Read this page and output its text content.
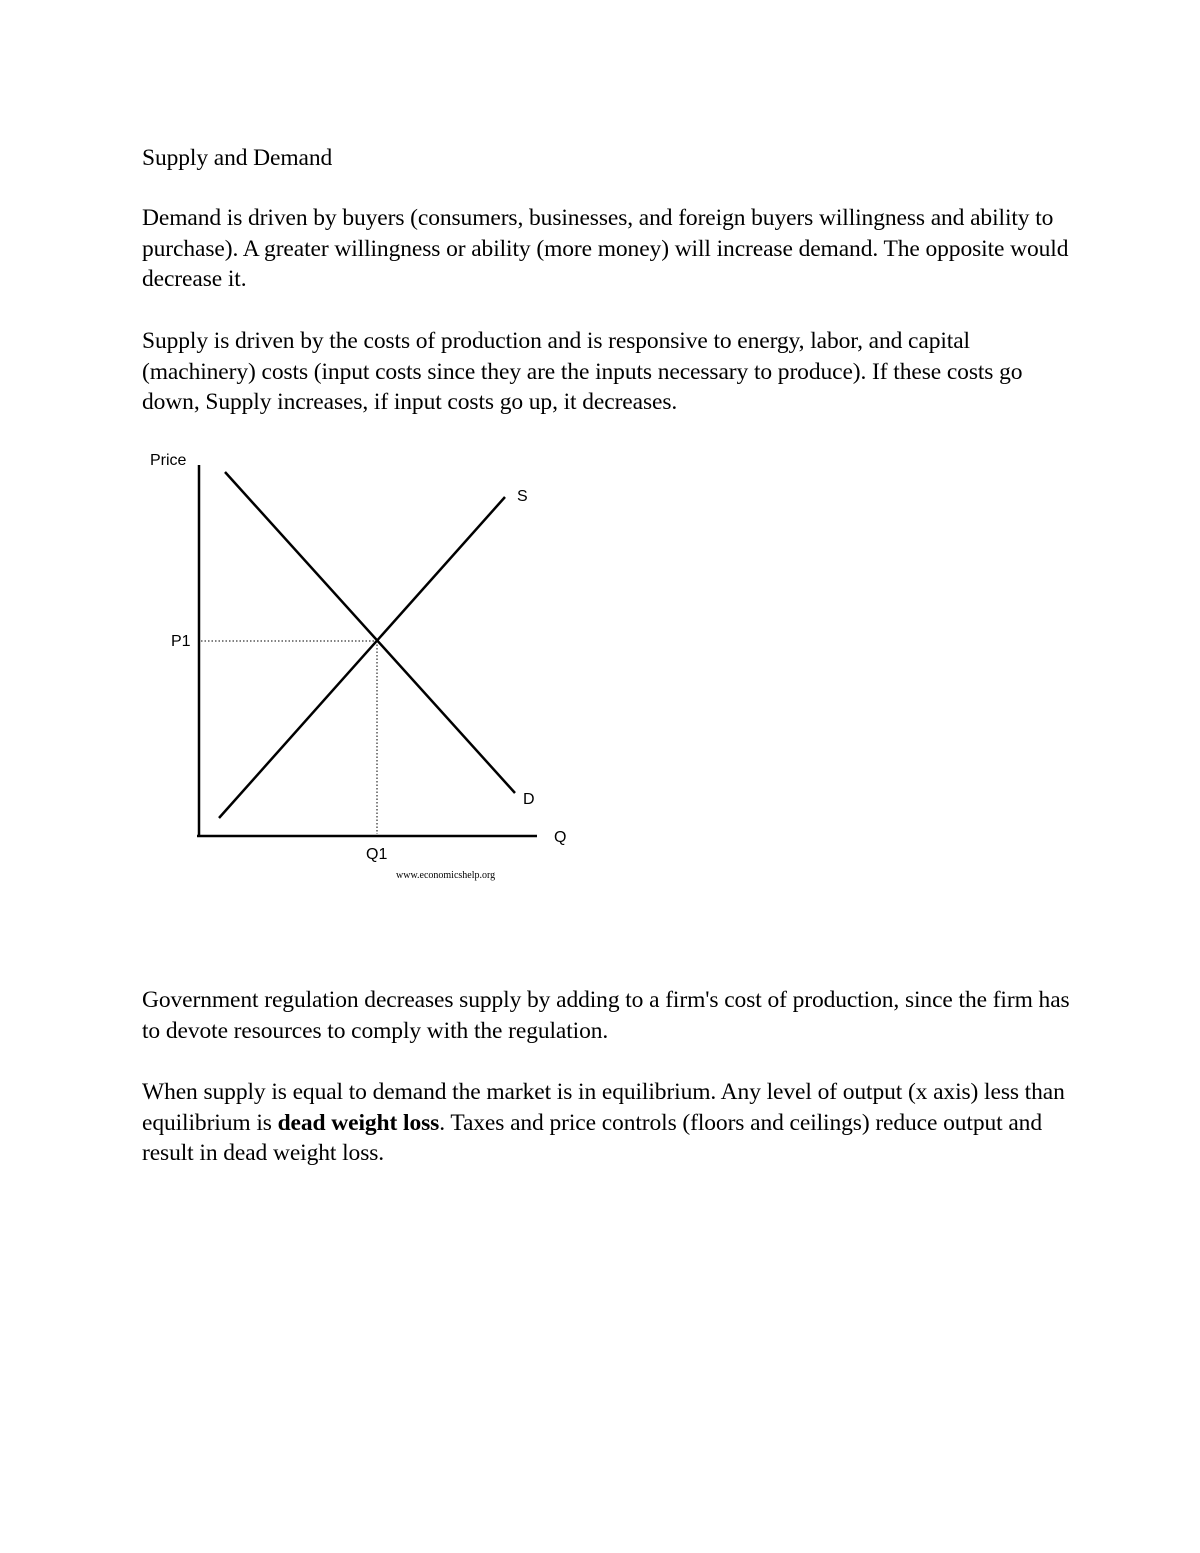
Supply and Demand

Demand is driven by buyers (consumers, businesses, and foreign buyers willingness and ability to purchase). A greater willingness or ability (more money) will increase demand. The opposite would decrease it.

Supply is driven by the costs of production and is responsive to energy, labor, and capital (machinery) costs (input costs since they are the inputs necessary to produce). If these costs go down, Supply increases, if input costs go up, it decreases.

Price
S
P1
D
Q
Q1
www.economicshelp.org

Government regulation decreases supply by adding to a firm's cost of production, since the firm has to devote resources to comply with the regulation.

When supply is equal to demand the market is in equilibrium. Any level of output (x axis) less than equilibrium is dead weight loss. Taxes and price controls (floors and ceilings) reduce output and result in dead weight loss.
